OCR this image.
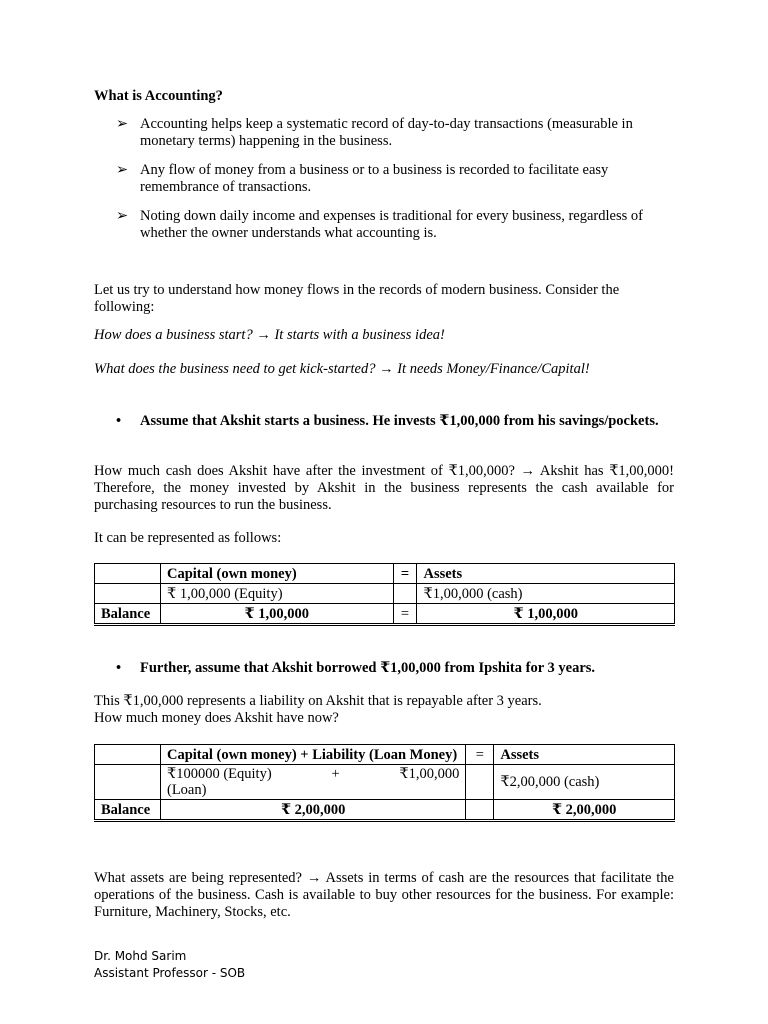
What is Accounting?
➢ Accounting helps keep a systematic record of day-to-day transactions (measurable in monetary terms) happening in the business.
➢ Any flow of money from a business or to a business is recorded to facilitate easy remembrance of transactions.
➢ Noting down daily income and expenses is traditional for every business, regardless of whether the owner understands what accounting is.
Let us try to understand how money flows in the records of modern business. Consider the following:
How does a business start? → It starts with a business idea!
What does the business need to get kick-started? → It needs Money/Finance/Capital!
• Assume that Akshit starts a business. He invests ₹1,00,000 from his savings/pockets.
How much cash does Akshit have after the investment of ₹1,00,000? → Akshit has ₹1,00,000! Therefore, the money invested by Akshit in the business represents the cash available for purchasing resources to run the business.
It can be represented as follows:
	Capital (own money)	=	Assets
	₹ 1,00,000 (Equity)		₹1,00,000 (cash)
Balance	₹ 1,00,000	=	₹ 1,00,000
• Further, assume that Akshit borrowed ₹1,00,000 from Ipshita for 3 years.
This ₹1,00,000 represents a liability on Akshit that is repayable after 3 years.
How much money does Akshit have now?
	Capital (own money) + Liability (Loan Money)	=	Assets

	₹100000 (Equity) + ₹1,00,000
(Loan)		₹2,00,000 (cash)
Balance	₹ 2,00,000		₹ 2,00,000
What assets are being represented? → Assets in terms of cash are the resources that facilitate the operations of the business. Cash is available to buy other resources for the business. For example: Furniture, Machinery, Stocks, etc.
Dr. Mohd Sarim
Assistant Professor - SOB
